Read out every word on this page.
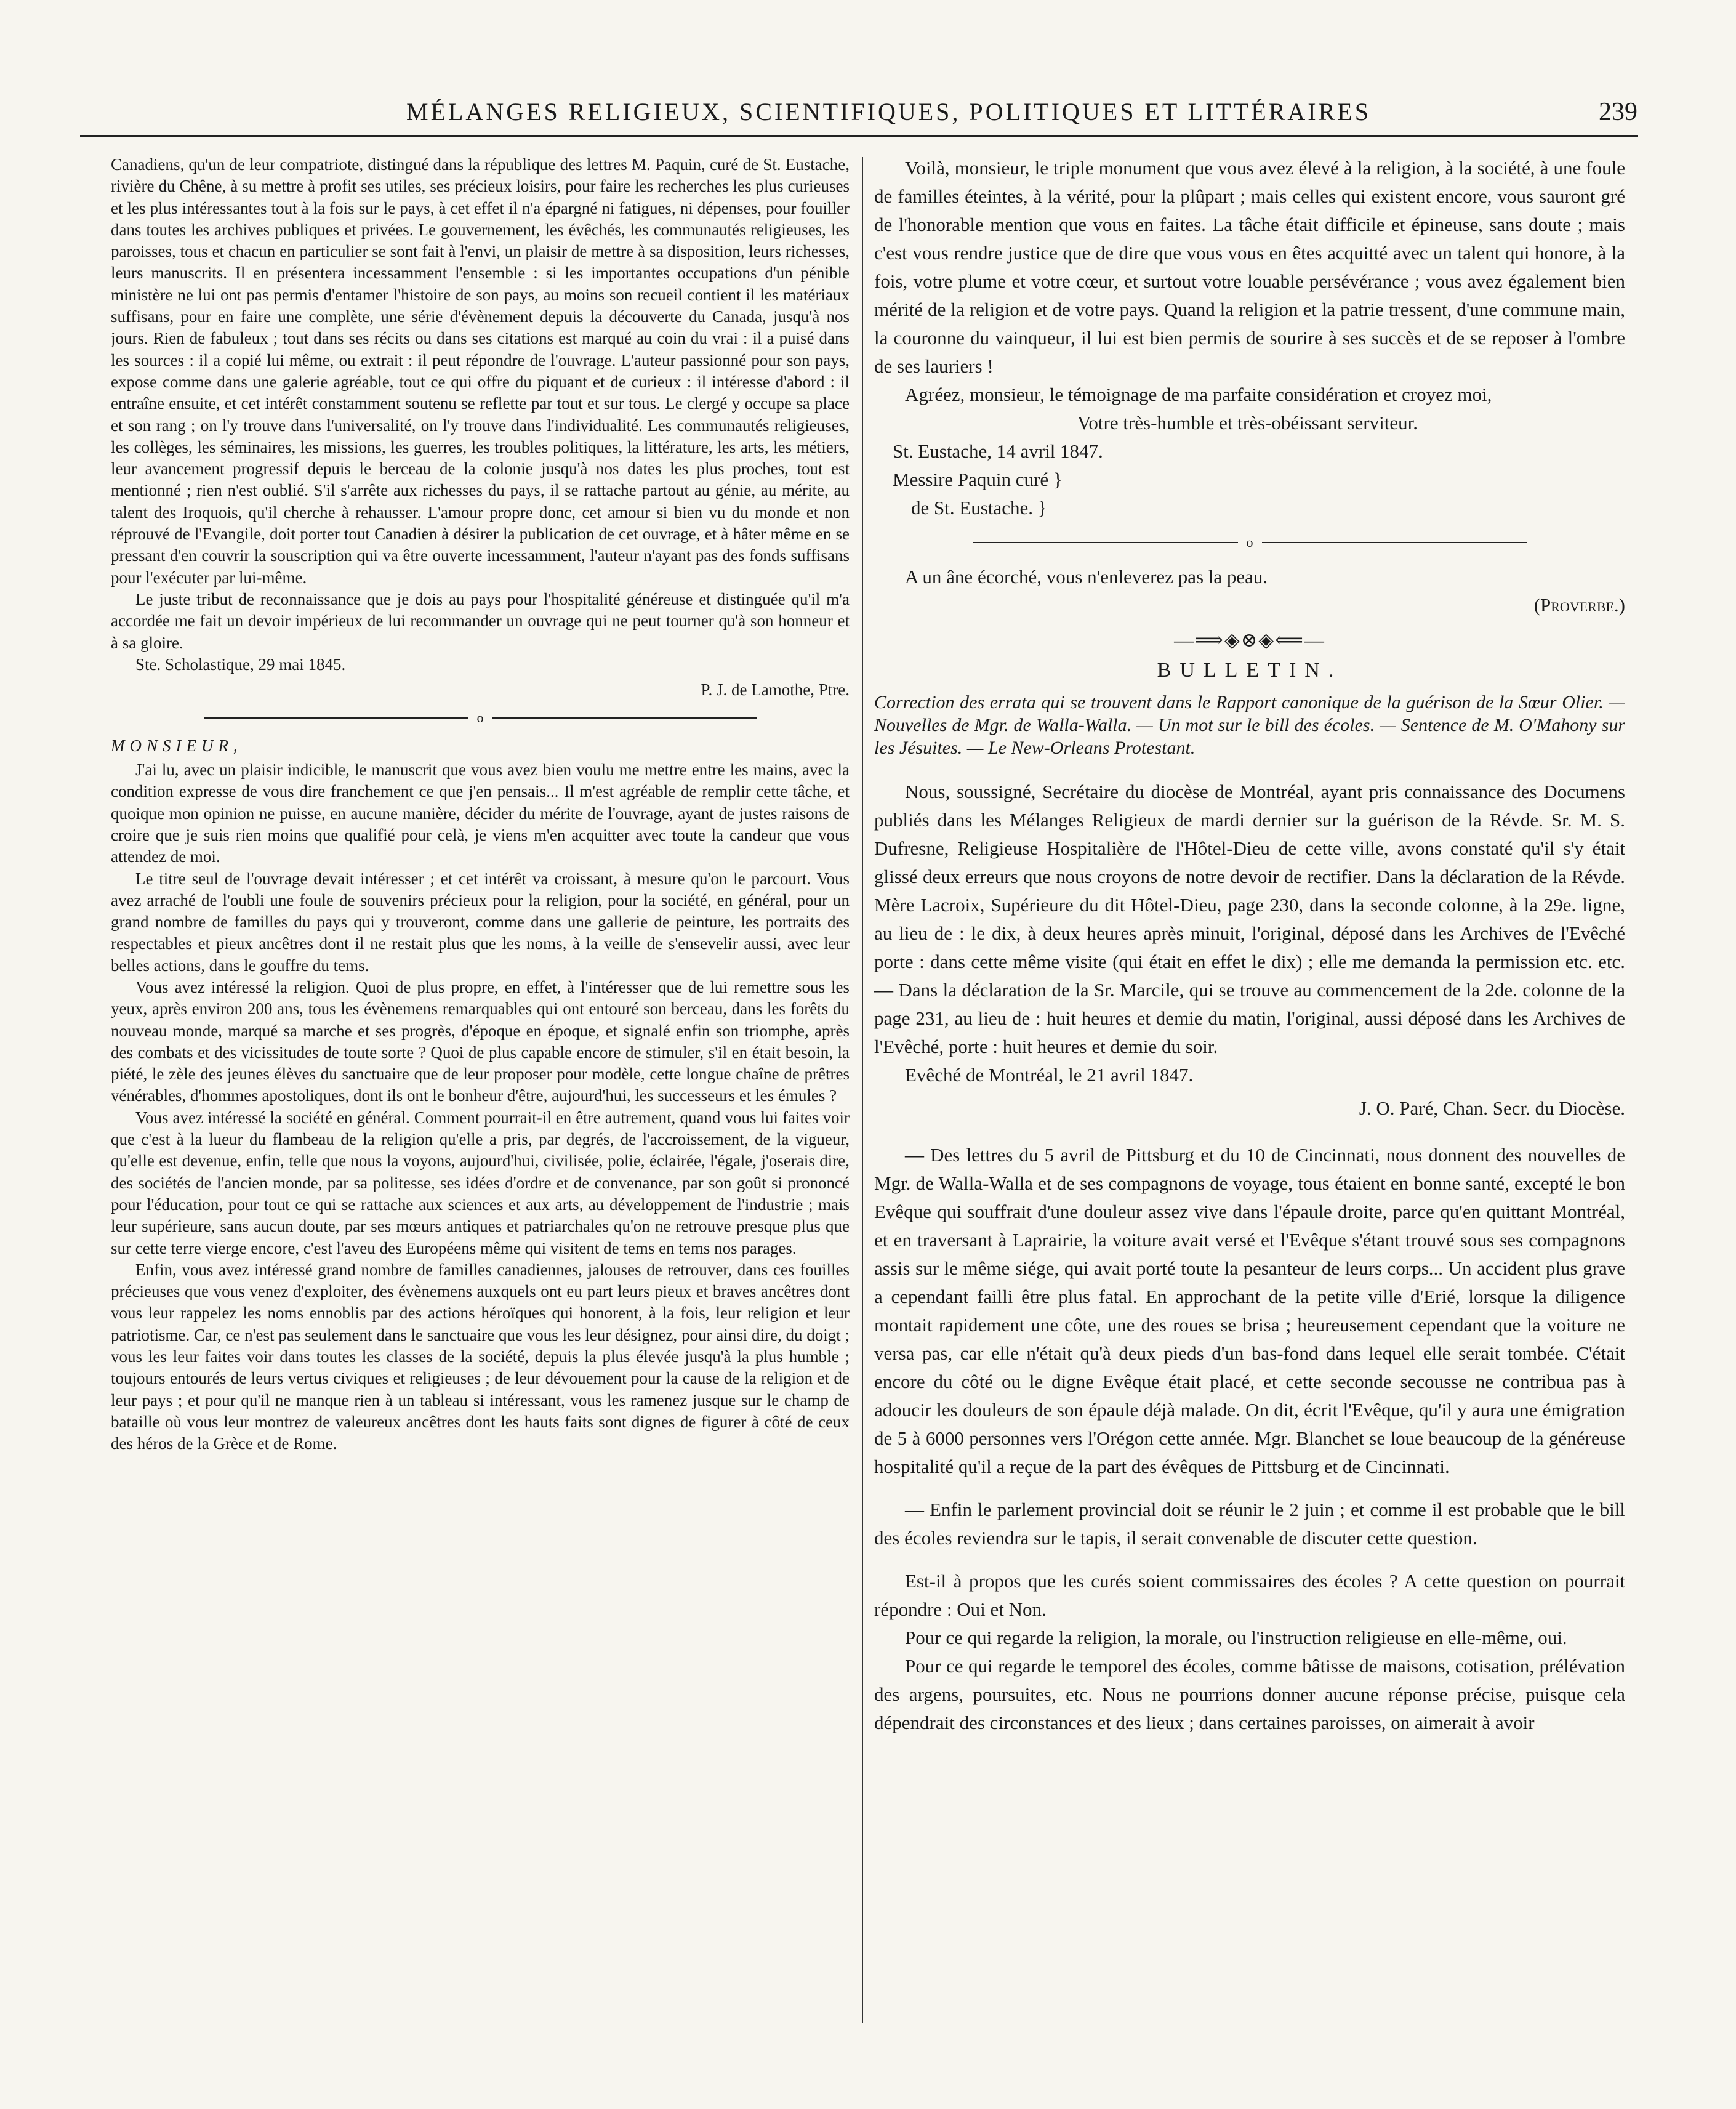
MÉLANGES RELIGIEUX, SCIENTIFIQUES, POLITIQUES ET LITTÉRAIRES	239

Canadiens, qu'un de leur compatriote, distingué dans la république des lettres M. Paquin, curé de St. Eustache, rivière du Chêne, à su mettre à profit ses utiles, ses précieux loisirs, pour faire les recherches les plus curieuses et les plus intéressantes tout à la fois sur le pays, à cet effet il n'a épargné ni fatigues, ni dépenses, pour fouiller dans toutes les archives publiques et privées. Le gouvernement, les évêchés, les communautés religieuses, les paroisses, tous et chacun en particulier se sont fait à l'envi, un plaisir de mettre à sa disposition, leurs richesses, leurs manuscrits. Il en présentera incessamment l'ensemble : si les importantes occupations d'un pénible ministère ne lui ont pas permis d'entamer l'histoire de son pays, au moins son recueil contient il les matériaux suffisans, pour en faire une complète, une série d'évènement depuis la découverte du Canada, jusqu'à nos jours. Rien de fabuleux ; tout dans ses récits ou dans ses citations est marqué au coin du vrai : il a puisé dans les sources : il a copié lui même, ou extrait : il peut répondre de l'ouvrage. L'auteur passionné pour son pays, expose comme dans une galerie agréable, tout ce qui offre du piquant et de curieux : il intéresse d'abord : il entraîne ensuite, et cet intérêt constamment soutenu se reflette par tout et sur tous. Le clergé y occupe sa place et son rang ; on l'y trouve dans l'universalité, on l'y trouve dans l'individualité. Les communautés religieuses, les collèges, les séminaires, les missions, les guerres, les troubles politiques, la littérature, les arts, les métiers, leur avancement progressif depuis le berceau de la colonie jusqu'à nos dates les plus proches, tout est mentionné ; rien n'est oublié. S'il s'arrête aux richesses du pays, il se rattache partout au génie, au mérite, au talent des Iroquois, qu'il cherche à rehausser. L'amour propre donc, cet amour si bien vu du monde et non réprouvé de l'Evangile, doit porter tout Canadien à désirer la publication de cet ouvrage, et à hâter même en se pressant d'en couvrir la souscription qui va être ouverte incessamment, l'auteur n'ayant pas des fonds suffisans pour l'exécuter par lui-même.

Le juste tribut de reconnaissance que je dois au pays pour l'hospitalité généreuse et distinguée qu'il m'a accordée me fait un devoir impérieux de lui recommander un ouvrage qui ne peut tourner qu'à son honneur et à sa gloire.

Ste. Scholastique, 29 mai 1845.

P. J. de Lamothe, Ptre.

o

MONSIEUR,

J'ai lu, avec un plaisir indicible, le manuscrit que vous avez bien voulu me mettre entre les mains, avec la condition expresse de vous dire franchement ce que j'en pensais... Il m'est agréable de remplir cette tâche, et quoique mon opinion ne puisse, en aucune manière, décider du mérite de l'ouvrage, ayant de justes raisons de croire que je suis rien moins que qualifié pour celà, je viens m'en acquitter avec toute la candeur que vous attendez de moi.

Le titre seul de l'ouvrage devait intéresser ; et cet intérêt va croissant, à mesure qu'on le parcourt. Vous avez arraché de l'oubli une foule de souvenirs précieux pour la religion, pour la société, en général, pour un grand nombre de familles du pays qui y trouveront, comme dans une gallerie de peinture, les portraits des respectables et pieux ancêtres dont il ne restait plus que les noms, à la veille de s'ensevelir aussi, avec leur belles actions, dans le gouffre du tems.

Vous avez intéressé la religion. Quoi de plus propre, en effet, à l'intéresser que de lui remettre sous les yeux, après environ 200 ans, tous les évènemens remarquables qui ont entouré son berceau, dans les forêts du nouveau monde, marqué sa marche et ses progrès, d'époque en époque, et signalé enfin son triomphe, après des combats et des vicissitudes de toute sorte ? Quoi de plus capable encore de stimuler, s'il en était besoin, la piété, le zèle des jeunes élèves du sanctuaire que de leur proposer pour modèle, cette longue chaîne de prêtres vénérables, d'hommes apostoliques, dont ils ont le bonheur d'être, aujourd'hui, les successeurs et les émules ?

Vous avez intéressé la société en général. Comment pourrait-il en être autrement, quand vous lui faites voir que c'est à la lueur du flambeau de la religion qu'elle a pris, par degrés, de l'accroissement, de la vigueur, qu'elle est devenue, enfin, telle que nous la voyons, aujourd'hui, civilisée, polie, éclairée, l'égale, j'oserais dire, des sociétés de l'ancien monde, par sa politesse, ses idées d'ordre et de convenance, par son goût si prononcé pour l'éducation, pour tout ce qui se rattache aux sciences et aux arts, au développement de l'industrie ; mais leur supérieure, sans aucun doute, par ses mœurs antiques et patriarchales qu'on ne retrouve presque plus que sur cette terre vierge encore, c'est l'aveu des Européens même qui visitent de tems en tems nos parages.

Enfin, vous avez intéressé grand nombre de familles canadiennes, jalouses de retrouver, dans ces fouilles précieuses que vous venez d'exploiter, des évènemens auxquels ont eu part leurs pieux et braves ancêtres dont vous leur rappelez les noms ennoblis par des actions héroïques qui honorent, à la fois, leur religion et leur patriotisme. Car, ce n'est pas seulement dans le sanctuaire que vous les leur désignez, pour ainsi dire, du doigt ; vous les leur faites voir dans toutes les classes de la société, depuis la plus élevée jusqu'à la plus humble ; toujours entourés de leurs vertus civiques et religieuses ; de leur dévouement pour la cause de la religion et de leur pays ; et pour qu'il ne manque rien à un tableau si intéressant, vous les ramenez jusque sur le champ de bataille où vous leur montrez de valeureux ancêtres dont les hauts faits sont dignes de figurer à côté de ceux des héros de la Grèce et de Rome.

Voilà, monsieur, le triple monument que vous avez élevé à la religion, à la société, à une foule de familles éteintes, à la vérité, pour la plûpart ; mais celles qui existent encore, vous sauront gré de l'honorable mention que vous en faites. La tâche était difficile et épineuse, sans doute ; mais c'est vous rendre justice que de dire que vous vous en êtes acquitté avec un talent qui honore, à la fois, votre plume et votre cœur, et surtout votre louable persévérance ; vous avez également bien mérité de la religion et de votre pays. Quand la religion et la patrie tressent, d'une commune main, la couronne du vainqueur, il lui est bien permis de sourire à ses succès et de se reposer à l'ombre de ses lauriers !

Agréez, monsieur, le témoignage de ma parfaite considération et croyez moi,

Votre très-humble et très-obéissant serviteur.

St. Eustache, 14 avril 1847.

Messire Paquin curé }

de St. Eustache. }

o

A un âne écorché, vous n'enleverez pas la peau.

(Proverbe.)

—⟹◈⊗◈⟸—
BULLETIN.

Correction des errata qui se trouvent dans le Rapport canonique de la guérison de la Sœur Olier. — Nouvelles de Mgr. de Walla-Walla. — Un mot sur le bill des écoles. — Sentence de M. O'Mahony sur les Jésuites. — Le New-Orleans Protestant.

Nous, soussigné, Secrétaire du diocèse de Montréal, ayant pris connaissance des Documens publiés dans les Mélanges Religieux de mardi dernier sur la guérison de la Révde. Sr. M. S. Dufresne, Religieuse Hospitalière de l'Hôtel-Dieu de cette ville, avons constaté qu'il s'y était glissé deux erreurs que nous croyons de notre devoir de rectifier. Dans la déclaration de la Révde. Mère Lacroix, Supérieure du dit Hôtel-Dieu, page 230, dans la seconde colonne, à la 29e. ligne, au lieu de : le dix, à deux heures après minuit, l'original, déposé dans les Archives de l'Evêché porte : dans cette même visite (qui était en effet le dix) ; elle me demanda la permission etc. etc. — Dans la déclaration de la Sr. Marcile, qui se trouve au commencement de la 2de. colonne de la page 231, au lieu de : huit heures et demie du matin, l'original, aussi déposé dans les Archives de l'Evêché, porte : huit heures et demie du soir.

Evêché de Montréal, le 21 avril 1847.

J. O. Paré, Chan. Secr. du Diocèse.

— Des lettres du 5 avril de Pittsburg et du 10 de Cincinnati, nous donnent des nouvelles de Mgr. de Walla-Walla et de ses compagnons de voyage, tous étaient en bonne santé, excepté le bon Evêque qui souffrait d'une douleur assez vive dans l'épaule droite, parce qu'en quittant Montréal, et en traversant à Laprairie, la voiture avait versé et l'Evêque s'étant trouvé sous ses compagnons assis sur le même siége, qui avait porté toute la pesanteur de leurs corps... Un accident plus grave a cependant failli être plus fatal. En approchant de la petite ville d'Erié, lorsque la diligence montait rapidement une côte, une des roues se brisa ; heureusement cependant que la voiture ne versa pas, car elle n'était qu'à deux pieds d'un bas-fond dans lequel elle serait tombée. C'était encore du côté ou le digne Evêque était placé, et cette seconde secousse ne contribua pas à adoucir les douleurs de son épaule déjà malade. On dit, écrit l'Evêque, qu'il y aura une émigration de 5 à 6000 personnes vers l'Orégon cette année. Mgr. Blanchet se loue beaucoup de la généreuse hospitalité qu'il a reçue de la part des évêques de Pittsburg et de Cincinnati.

— Enfin le parlement provincial doit se réunir le 2 juin ; et comme il est probable que le bill des écoles reviendra sur le tapis, il serait convenable de discuter cette question.

Est-il à propos que les curés soient commissaires des écoles ? A cette question on pourrait répondre : Oui et Non.

Pour ce qui regarde la religion, la morale, ou l'instruction religieuse en elle-même, oui.

Pour ce qui regarde le temporel des écoles, comme bâtisse de maisons, cotisation, prélévation des argens, poursuites, etc. Nous ne pourrions donner aucune réponse précise, puisque cela dépendrait des circonstances et des lieux ; dans certaines paroisses, on aimerait à avoir
